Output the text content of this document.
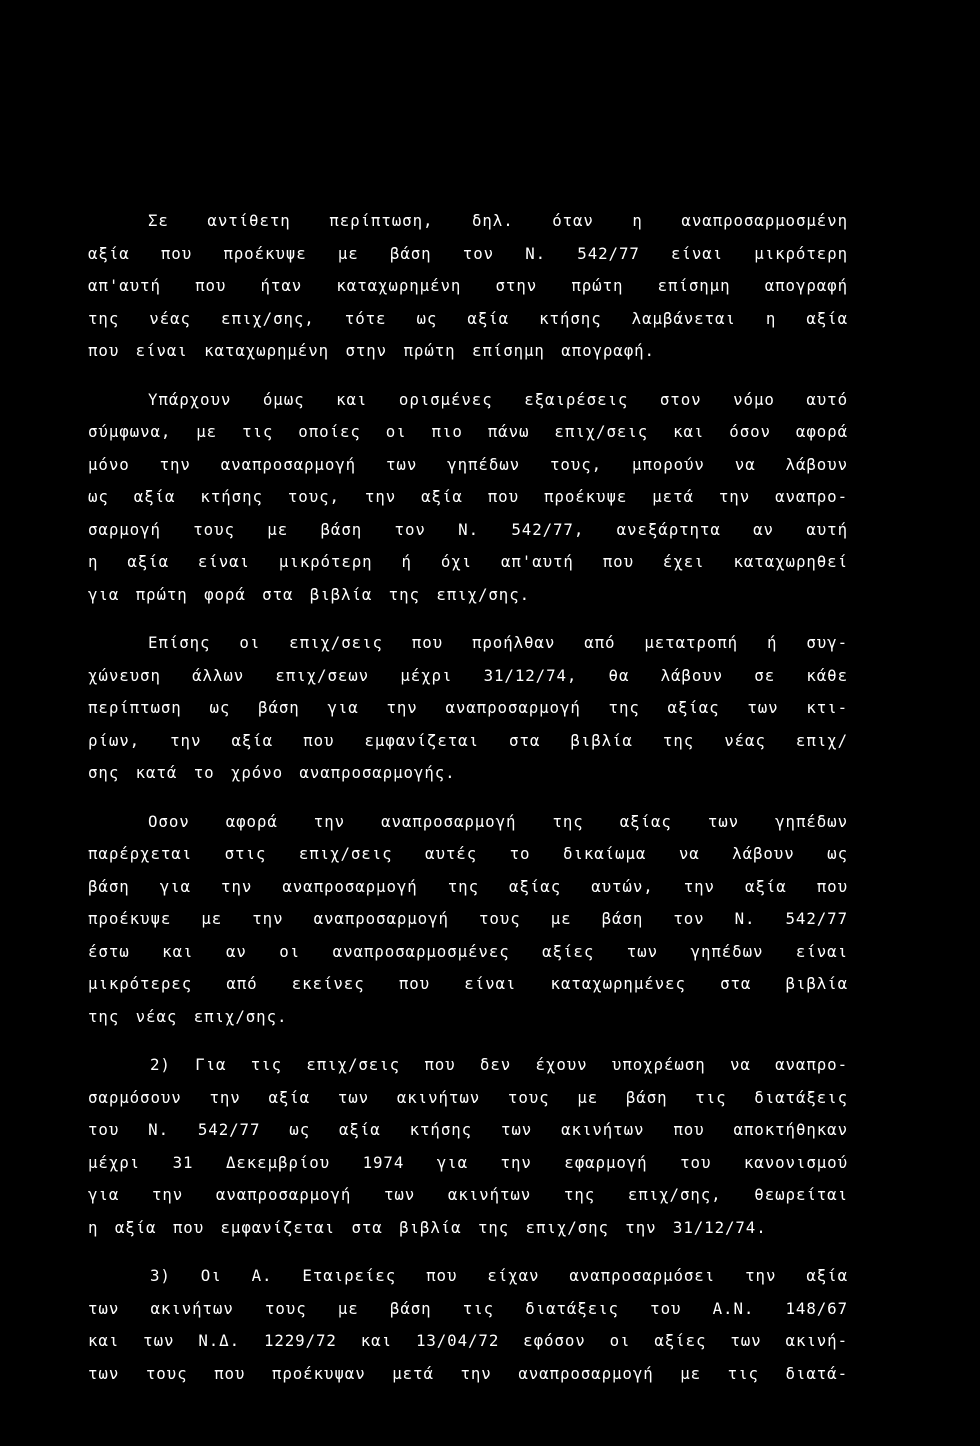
Σε αντίθετη περίπτωση, δηλ. όταν η αναπροσαρμοσμένη
αξία που προέκυψε με βάση τον Ν. 542/77 είναι μικρότερη
απ'αυτή που ήταν καταχωρημένη στην πρώτη επίσημη απογραφή
της νέας επιχ/σης, τότε ως αξία κτήσης λαμβάνεται η αξία
που είναι καταχωρημένη στην πρώτη επίσημη απογραφή.
Υπάρχουν όμως και ορισμένες εξαιρέσεις στον νόμο αυτό
σύμφωνα, με τις οποίες οι πιο πάνω επιχ/σεις και όσον αφορά
μόνο την αναπροσαρμογή των γηπέδων τους, μπορούν να λάβουν
ως αξία κτήσης τους, την αξία που προέκυψε μετά την αναπρο-
σαρμογή τους με βάση τον Ν. 542/77, ανεξάρτητα αν αυτή
η αξία είναι μικρότερη ή όχι απ'αυτή που έχει καταχωρηθεί
για πρώτη φορά στα βιβλία της επιχ/σης.
Επίσης οι επιχ/σεις που προήλθαν από μετατροπή ή συγ-
χώνευση άλλων επιχ/σεων μέχρι 31/12/74, θα λάβουν σε κάθε
περίπτωση ως βάση για την αναπροσαρμογή της αξίας των κτι-
ρίων, την αξία που εμφανίζεται στα βιβλία της νέας επιχ/
σης κατά το χρόνο αναπροσαρμογής.
Οσον αφορά την αναπροσαρμογή της αξίας των γηπέδων
παρέρχεται στις επιχ/σεις αυτές το δικαίωμα να λάβουν ως
βάση για την αναπροσαρμογή της αξίας αυτών, την αξία που
προέκυψε με την αναπροσαρμογή τους με βάση τον Ν. 542/77
έστω και αν οι αναπροσαρμοσμένες αξίες των γηπέδων είναι
μικρότερες από εκείνες που είναι καταχωρημένες στα βιβλία
της νέας επιχ/σης.
2) Για τις επιχ/σεις που δεν έχουν υποχρέωση να αναπρο-
σαρμόσουν την αξία των ακινήτων τους με βάση τις διατάξεις
του Ν. 542/77 ως αξία κτήσης των ακινήτων που αποκτήθηκαν
μέχρι 31 Δεκεμβρίου 1974 για την εφαρμογή του κανονισμού
για την αναπροσαρμογή των ακινήτων της επιχ/σης, θεωρείται
η αξία που εμφανίζεται στα βιβλία της επιχ/σης την 31/12/74.
3) Οι Α. Εταιρείες που είχαν αναπροσαρμόσει την αξία
των ακινήτων τους με βάση τις διατάξεις του Α.Ν. 148/67
και των Ν.Δ. 1229/72 και 13/04/72 εφόσον οι αξίες των ακινή-
των τους που προέκυψαν μετά την αναπροσαρμογή με τις διατά-
